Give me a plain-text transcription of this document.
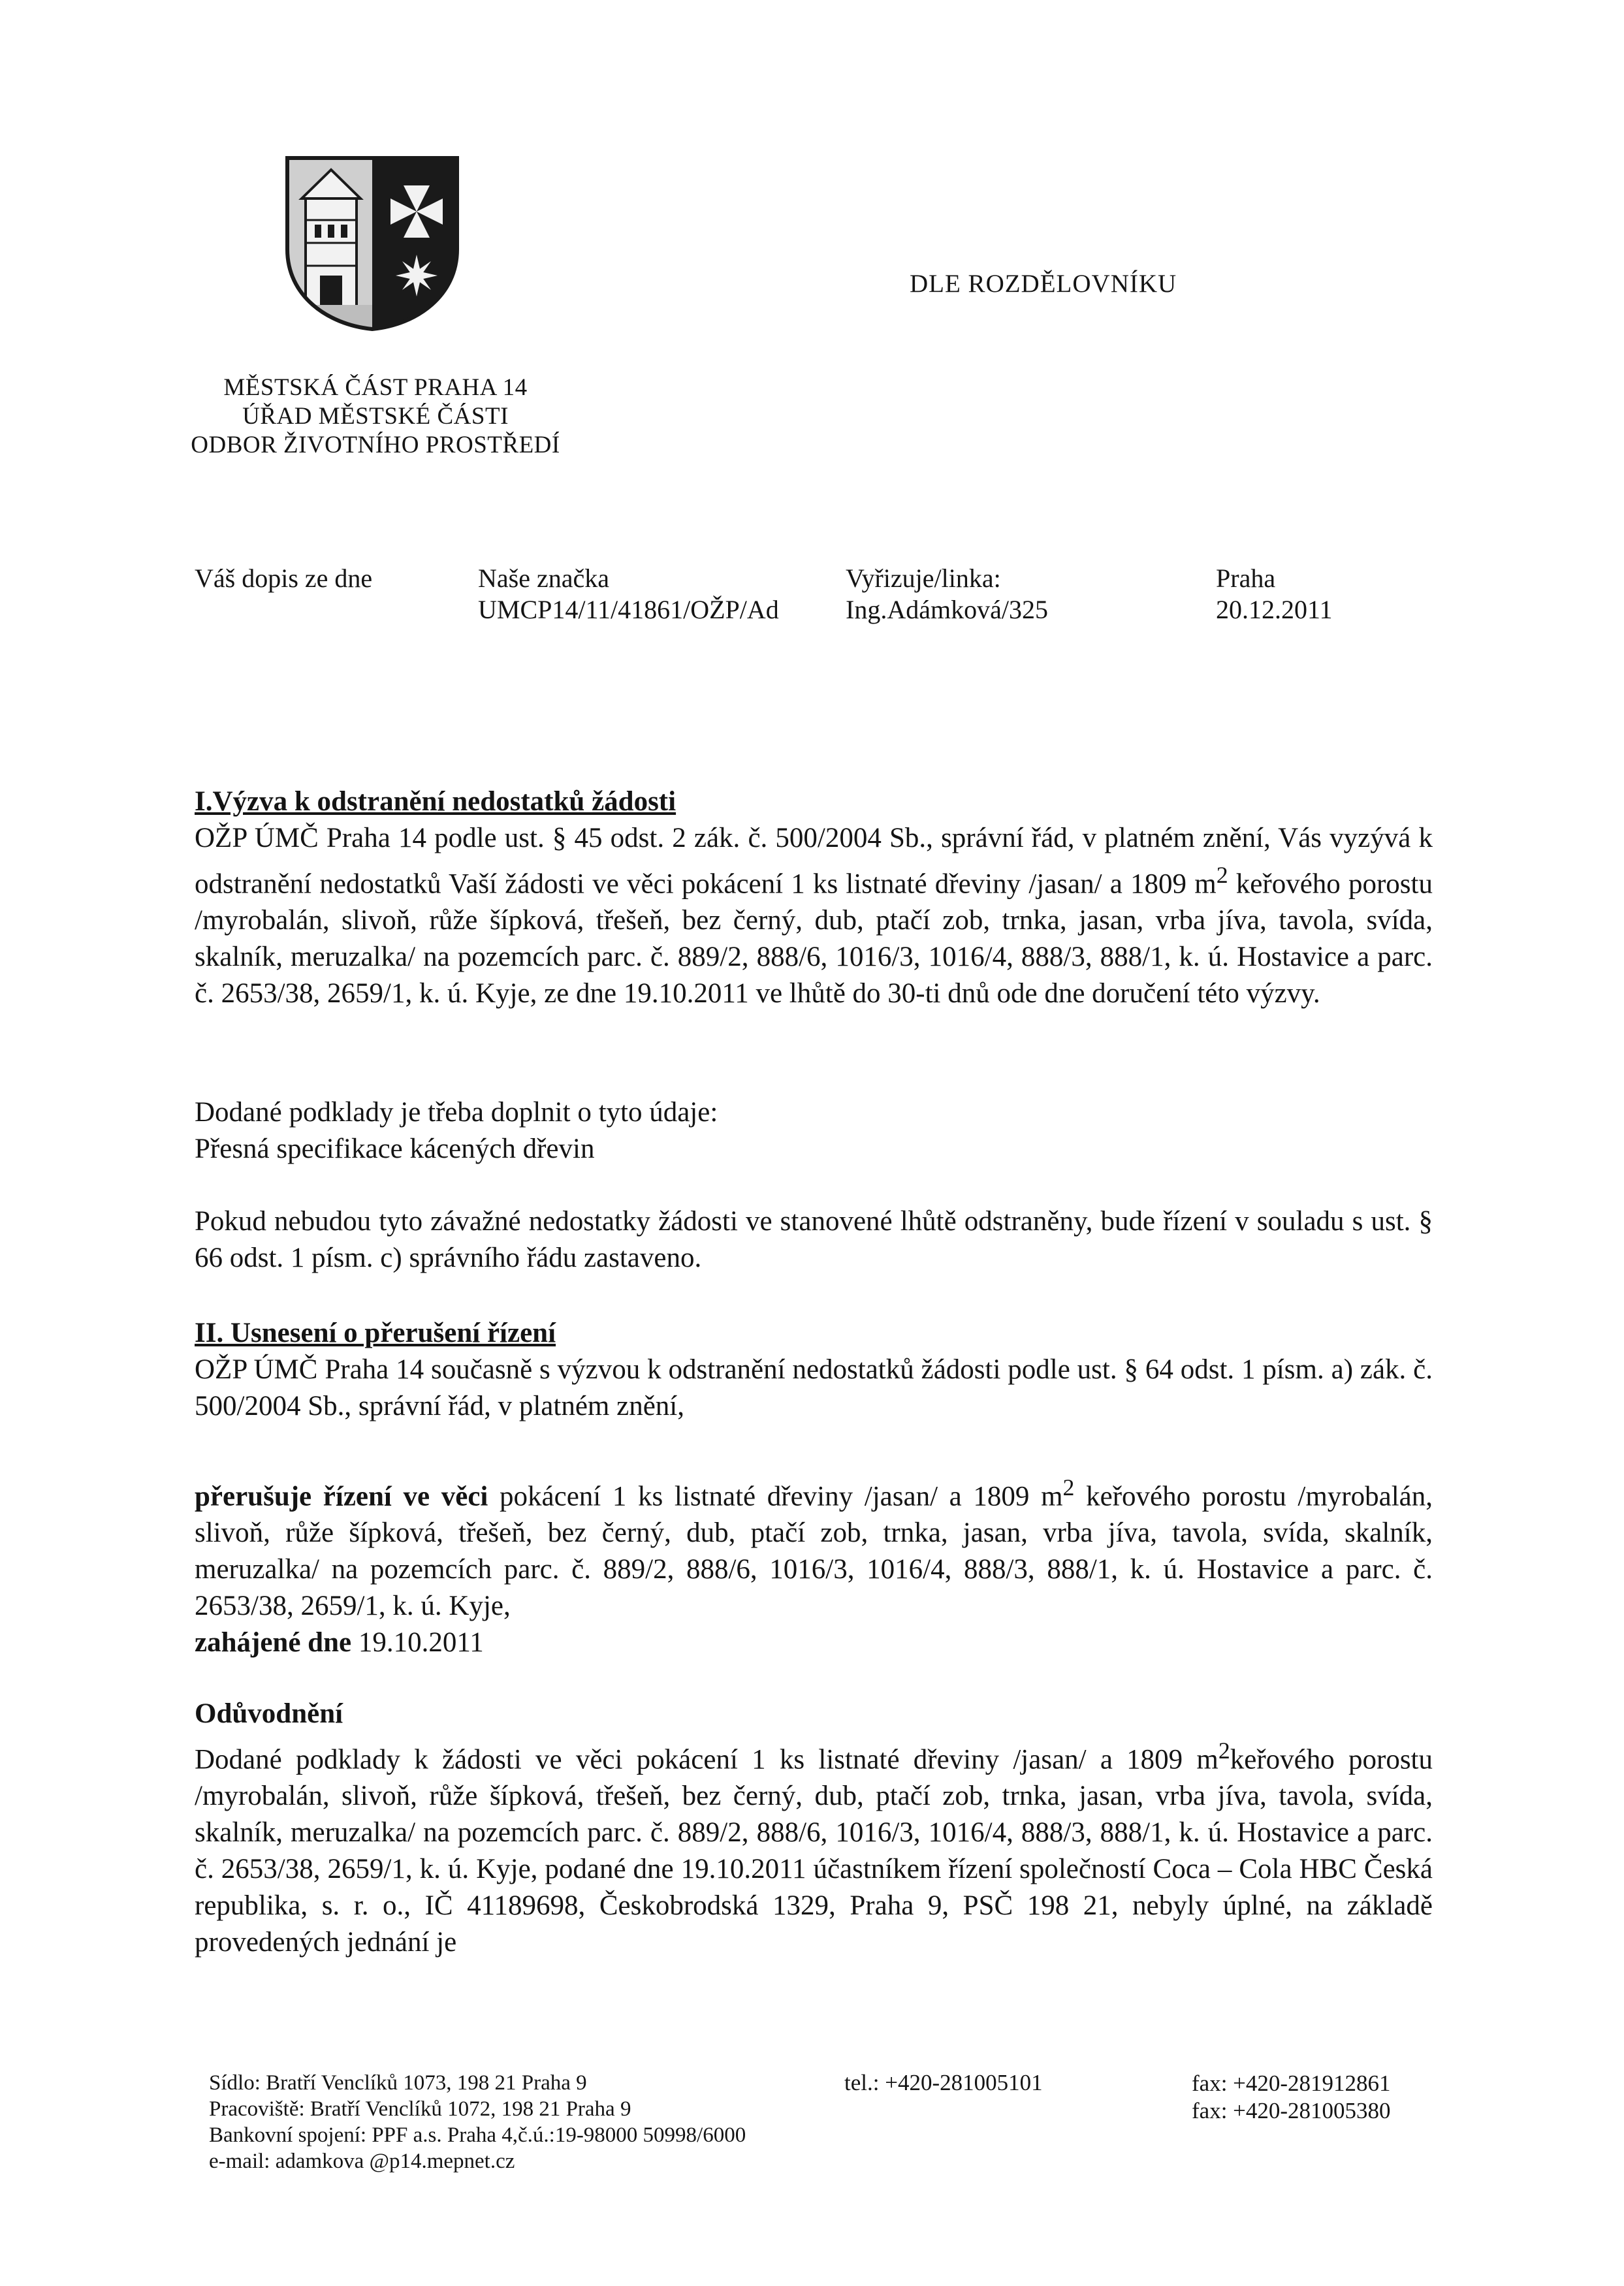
DLE ROZDĚLOVNÍKU
MĚSTSKÁ ČÁST PRAHA 14
ÚŘAD MĚSTSKÉ ČÁSTI
ODBOR ŽIVOTNÍHO PROSTŘEDÍ
Váš dopis ze dne	Naše značka
UMCP14/11/41861/OŽP/Ad
Vyřizuje/linka:
Ing.Adámková/325
Praha
20.12.2011

I.Výzva k odstranění nedostatků žádosti

OŽP ÚMČ Praha 14 podle ust. § 45 odst. 2 zák. č. 500/2004 Sb., správní řád, v platném znění, Vás vyzývá k odstranění nedostatků Vaší žádosti ve věci pokácení 1 ks listnaté dřeviny /jasan/ a 1809 $m^2$ keřového porostu /myrobalán, slivoň, růže šípková, třešeň, bez černý, dub, ptačí zob, trnka, jasan, vrba jíva, tavola, svída, skalník, meruzalka/ na pozemcích parc. č. 889/2, 888/6, 1016/3, 1016/4, 888/3, 888/1, k. ú. Hostavice a parc. č. 2653/38, 2659/1, k. ú. Kyje, ze dne 19.10.2011 ve lhůtě do 30-ti dnů ode dne doručení této výzvy.

Dodané podklady je třeba doplnit o tyto údaje:

Přesná specifikace kácených dřevin

Pokud nebudou tyto závažné nedostatky žádosti ve stanovené lhůtě odstraněny, bude řízení v souladu s ust. § 66 odst. 1 písm. c) správního řádu zastaveno.

II. Usnesení o přerušení řízení

OŽP ÚMČ Praha 14 současně s výzvou k odstranění nedostatků žádosti podle ust. § 64 odst. 1 písm. a) zák. č. 500/2004 Sb., správní řád, v platném znění,

přerušuje řízení ve věci pokácení 1 ks listnaté dřeviny /jasan/ a 1809 $m^2$ keřového porostu /myrobalán, slivoň, růže šípková, třešeň, bez černý, dub, ptačí zob, trnka, jasan, vrba jíva, tavola, svída, skalník, meruzalka/ na pozemcích parc. č. 889/2, 888/6, 1016/3, 1016/4, 888/3, 888/1, k. ú. Hostavice a parc. č. 2653/38, 2659/1, k. ú. Kyje,

zahájené dne 19.10.2011

Odůvodnění

Dodané podklady k žádosti ve věci pokácení 1 ks listnaté dřeviny /jasan/ a 1809 $m^2keřového$ porostu /myrobalán, slivoň, růže šípková, třešeň, bez černý, dub, ptačí zob, trnka, jasan, vrba jíva, tavola, svída, skalník, meruzalka/ na pozemcích parc. č. 889/2, 888/6, 1016/3, 1016/4, 888/3, 888/1, k. ú. Hostavice a parc. č. 2653/38, 2659/1, k. ú. Kyje, podané dne 19.10.2011 účastníkem řízení společností Coca – Cola HBC Česká republika, s. r. o., IČ 41189698, Českobrodská 1329, Praha 9, PSČ 198 21, nebyly úplné, na základě provedených jednání je

Sídlo: Bratří Venclíků 1073, 198 21 Praha 9
Pracoviště: Bratří Venclíků 1072, 198 21 Praha 9
Bankovní spojení: PPF a.s. Praha 4,č.ú.:19-98000 50998/6000
e-mail: adamkova @p14.mepnet.cz
tel.: +420-281005101	fax: +420-281912861
fax: +420-281005380
